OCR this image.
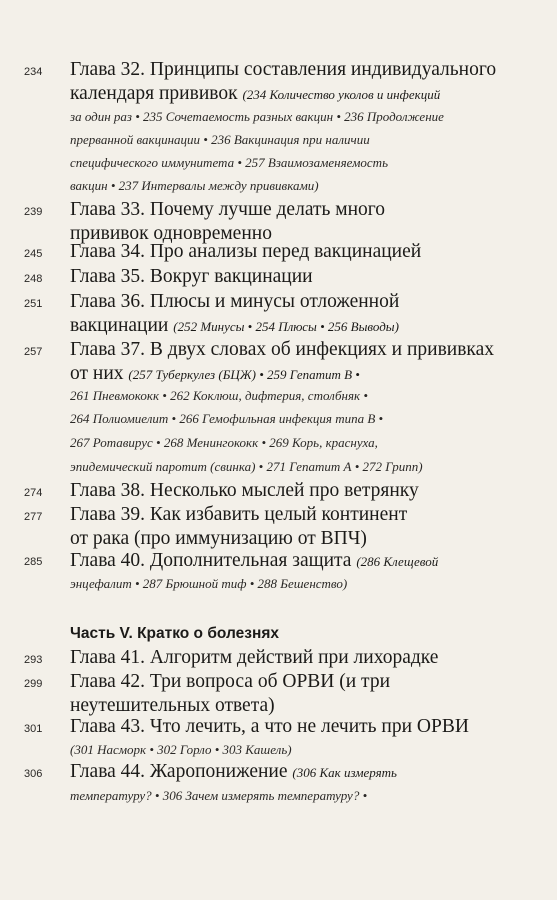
234 Глава 32. Принципы составления индивидуального
календаря прививок (234 Количество уколов и инфекций
за один раз • 235 Сочетаемость разных вакцин • 236 Продолжение
прерванной вакцинации • 236 Вакцинация при наличии
специфического иммунитета • 257 Взаимозаменяемость
вакцин • 237 Интервалы между прививками)
239 Глава 33. Почему лучше делать много
прививок одновременно
245 Глава 34. Про анализы перед вакцинацией
248 Глава 35. Вокруг вакцинации
251 Глава 36. Плюсы и минусы отложенной
вакцинации (252 Минусы • 254 Плюсы • 256 Выводы)
257 Глава 37. В двух словах об инфекциях и прививках
от них (257 Туберкулез (БЦЖ) • 259 Гепатит В •
261 Пневмококк • 262 Коклюш, дифтерия, столбняк •
264 Полиомиелит • 266 Гемофильная инфекция типа В •
267 Ротавирус • 268 Менингококк • 269 Корь, краснуха,
эпидемический паротит (свинка) • 271 Гепатит А • 272 Грипп)
274 Глава 38. Несколько мыслей про ветрянку
277 Глава 39. Как избавить целый континент
от рака (про иммунизацию от ВПЧ)
285 Глава 40. Дополнительная защита (286 Клещевой
энцефалит • 287 Брюшной тиф • 288 Бешенство)
Часть V. Кратко о болезнях
293 Глава 41. Алгоритм действий при лихорадке
299 Глава 42. Три вопроса об ОРВИ (и три
неутешительных ответа)
301 Глава 43. Что лечить, а что не лечить при ОРВИ
(301 Насморк • 302 Горло • 303 Кашель)
306 Глава 44. Жаропонижение (306 Как измерять
температуру? • 306 Зачем измерять температуру? •
